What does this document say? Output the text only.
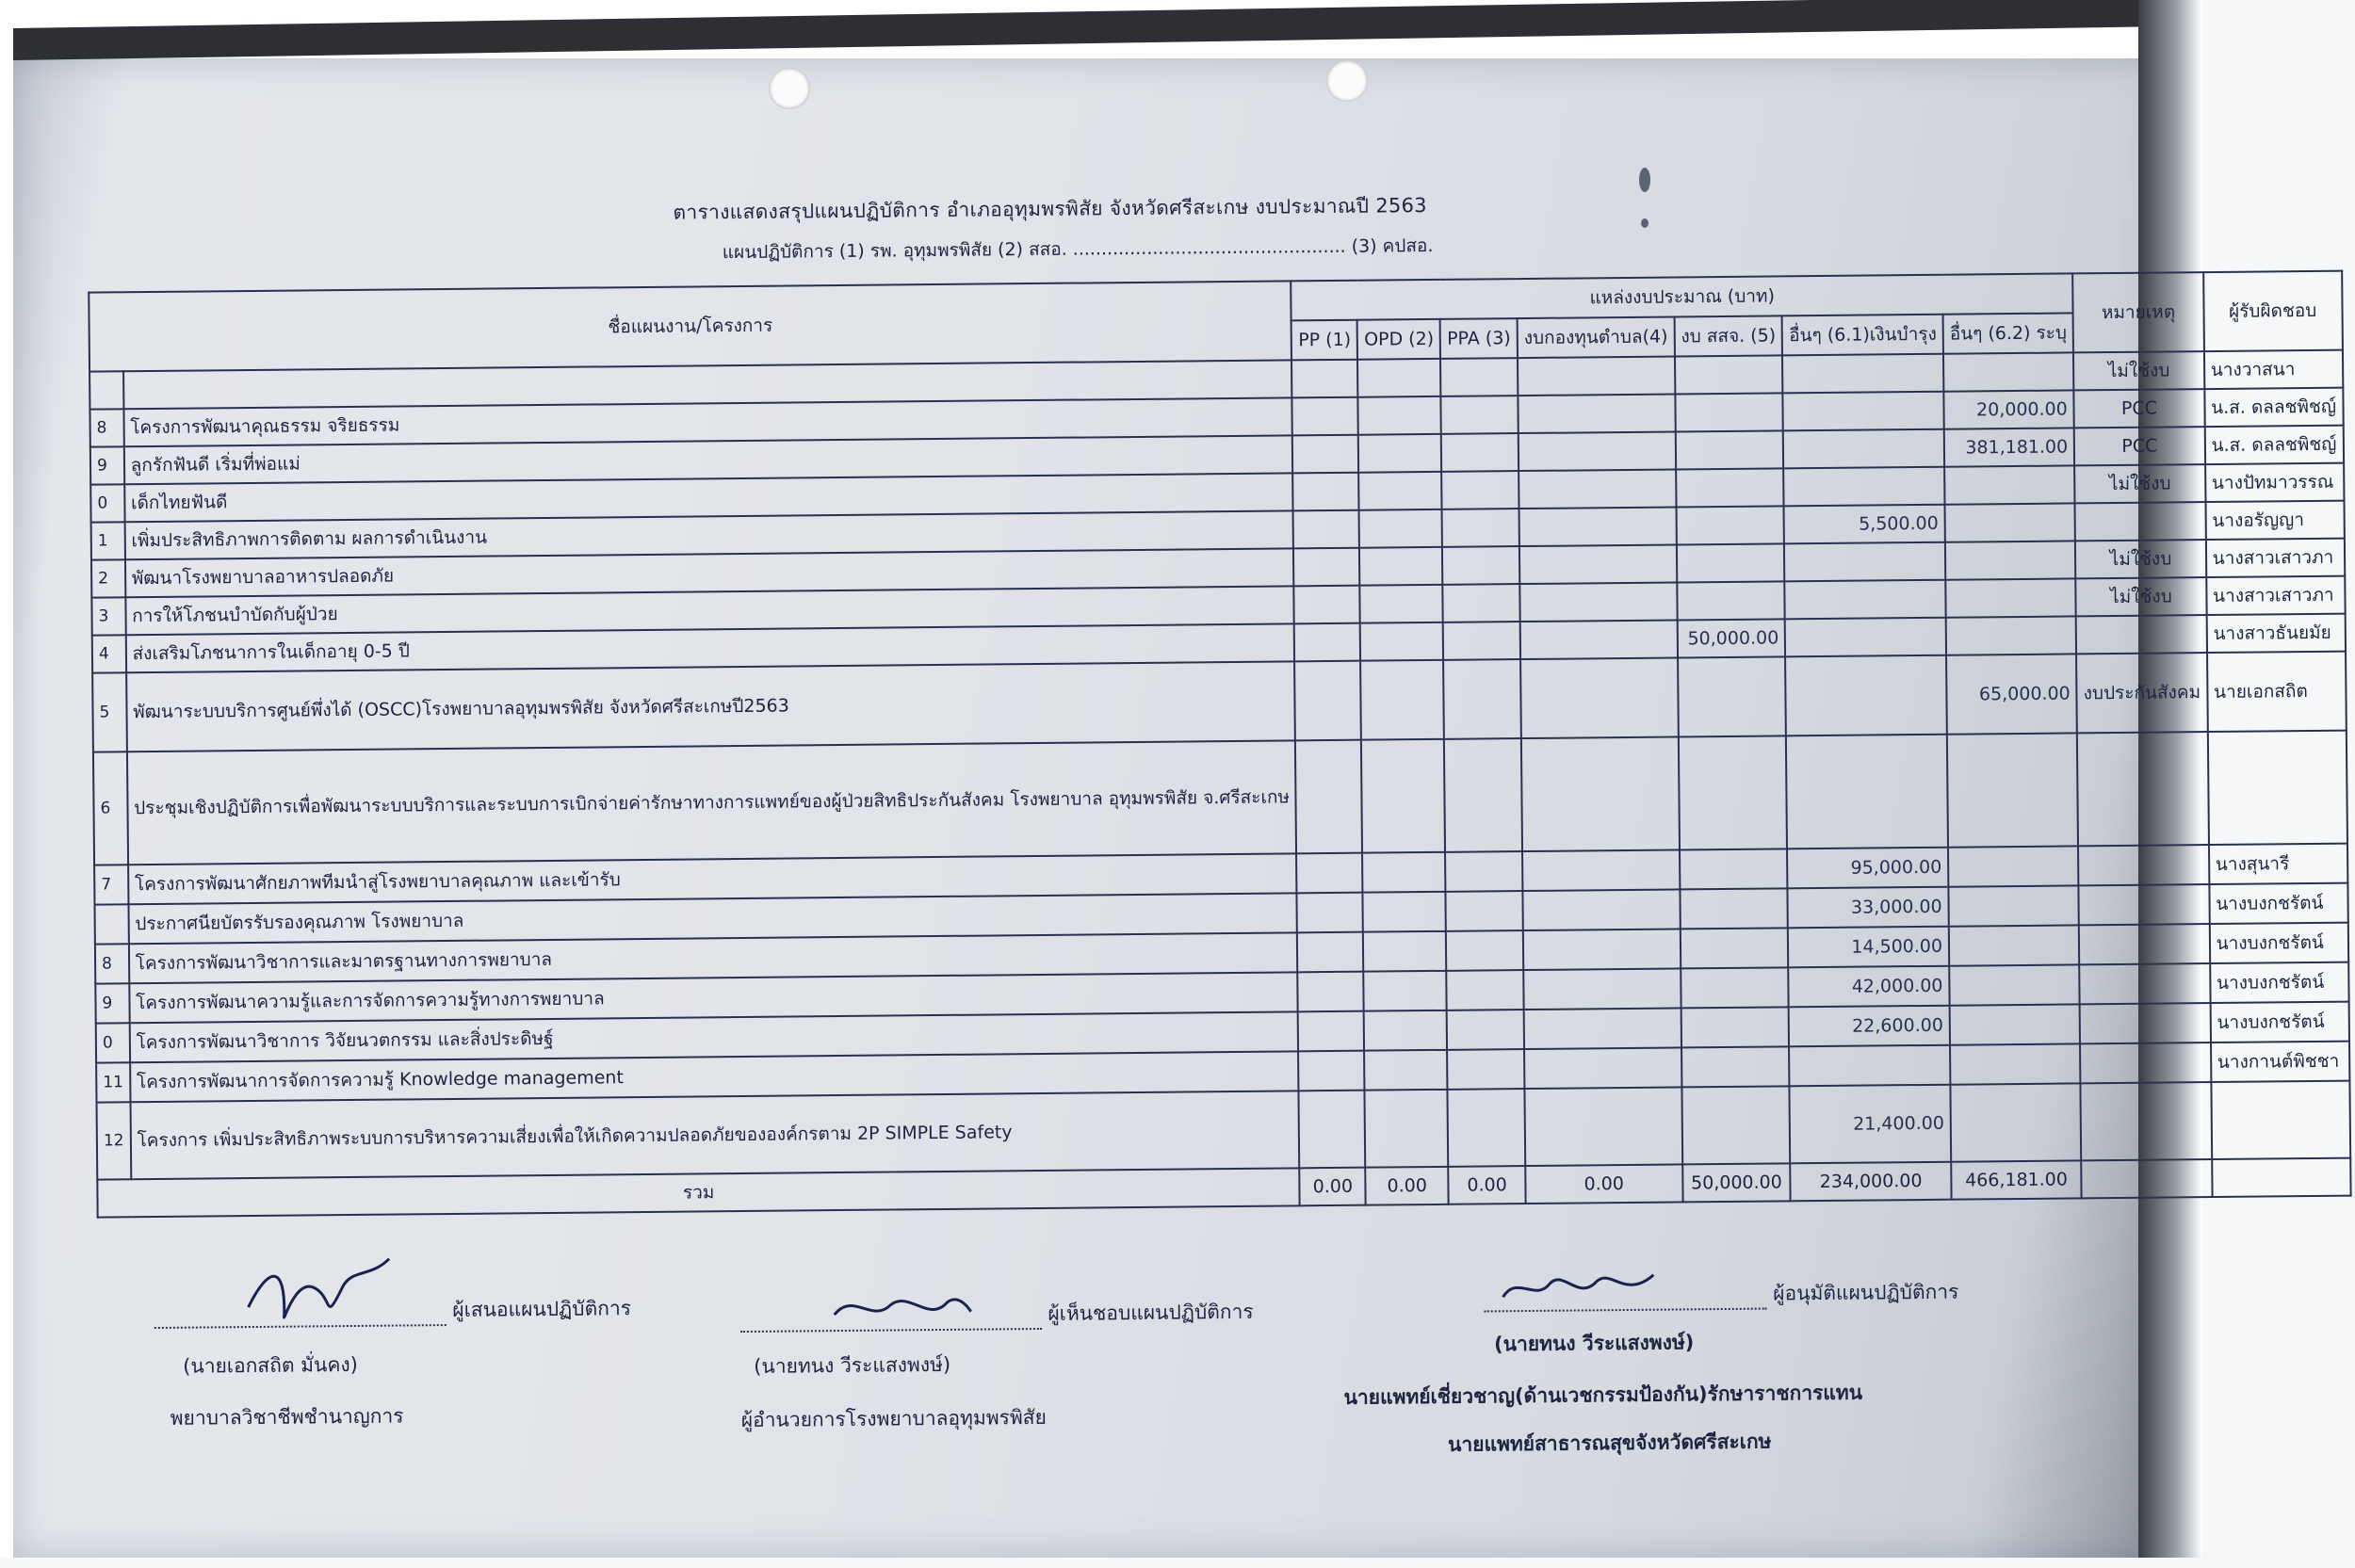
ตารางแสดงสรุปแผนปฏิบัติการ อำเภออุทุมพรพิสัย จังหวัดศรีสะเกษ งบประมาณปี 2563
แผนปฏิบัติการ (1) รพ. อุทุมพรพิสัย (2) สสอ. ................................................ (3) คปสอ.
ชื่อแผนงาน/โครงการ		แหล่งงบประมาณ (บาท)							หมายเหตุ	ผู้รับผิดชอบ
		PP (1)	OPD (2)	PPA (3)	งบกองทุนตำบล(4)	งบ สสจ. (5)	อื่นๆ (6.1)เงินบำรุง	อื่นๆ (6.2) ระบุ		
									ไม่ใช้งบ	นางวาสนา
8	โครงการพัฒนาคุณธรรม จริยธรรม							20,000.00	PCC	น.ส. ดลลชพิชญ์
9	ลูกรักฟันดี เริ่มที่พ่อแม่							381,181.00	PCC	น.ส. ดลลชพิชญ์
0	เด็กไทยฟันดี								ไม่ใช้งบ	นางปัทมาวรรณ
1	เพิ่มประสิทธิภาพการติดตาม ผลการดำเนินงาน						5,500.00			นางอรัญญา
2	พัฒนาโรงพยาบาลอาหารปลอดภัย								ไม่ใช้งบ	นางสาวเสาวภา
3	การให้โภชนบำบัดกับผู้ป่วย								ไม่ใช้งบ	นางสาวเสาวภา
4	ส่งเสริมโภชนาการในเด็กอายุ 0-5 ปี					50,000.00				นางสาวธันยมัย
5	พัฒนาระบบบริการศูนย์พึ่งได้ (OSCC)โรงพยาบาลอุทุมพรพิสัย จังหวัดศรีสะเกษปี2563							65,000.00	งบประกันสังคม	นายเอกสถิต
6	ประชุมเชิงปฏิบัติการเพื่อพัฒนาระบบบริการและระบบการเบิกจ่ายค่ารักษาทางการแพทย์ของผู้ป่วยสิทธิประกันสังคม โรงพยาบาล อุทุมพรพิสัย จ.ศรีสะเกษ									
7	โครงการพัฒนาศักยภาพทีมนำสู่โรงพยาบาลคุณภาพ และเข้ารับ						95,000.00			นางสุนารี
	ประกาศนียบัตรรับรองคุณภาพ โรงพยาบาล						33,000.00			นางบงกชรัตน์
8	โครงการพัฒนาวิชาการและมาตรฐานทางการพยาบาล						14,500.00			นางบงกชรัตน์
9	โครงการพัฒนาความรู้และการจัดการความรู้ทางการพยาบาล						42,000.00			นางบงกชรัตน์
0	โครงการพัฒนาวิชาการ วิจัยนวตกรรม และสิ่งประดิษฐ์						22,600.00			นางบงกชรัตน์
11	โครงการพัฒนาการจัดการความรู้ Knowledge management									นางกานต์พิชชา
12	โครงการ เพิ่มประสิทธิภาพระบบการบริหารความเสี่ยงเพื่อให้เกิดความปลอดภัยขององค์กรตาม 2P SIMPLE Safety						21,400.00			
รวม		0.00	0.00	0.00	0.00	50,000.00	234,000.00	466,181.00		
ผู้เสนอแผนปฏิบัติการ
(นายเอกสถิต มั่นคง)
พยาบาลวิชาชีพชำนาญการ
ผู้เห็นชอบแผนปฏิบัติการ
(นายทนง วีระแสงพงษ์)
ผู้อำนวยการโรงพยาบาลอุทุมพรพิสัย
ผู้อนุมัติแผนปฏิบัติการ
(นายทนง วีระแสงพงษ์)
นายแพทย์เชี่ยวชาญ(ด้านเวชกรรมป้องกัน)รักษาราชการแทน
นายแพทย์สาธารณสุขจังหวัดศรีสะเกษ
